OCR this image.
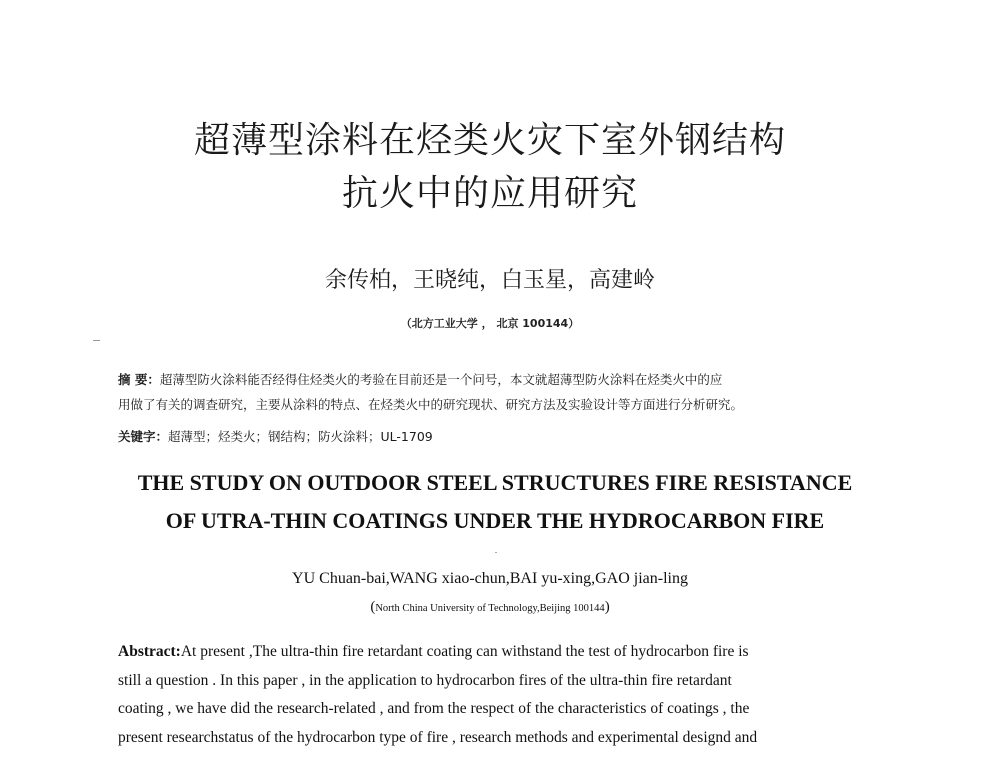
超薄型涂料在烃类火灾下室外钢结构
抗火中的应用研究
余传柏，王晓纯，白玉星，高建岭
（北方工业大学 ， 北京 100144）
摘 要：超薄型防火涂料能否经得住烃类火的考验在目前还是一个问号，本文就超薄型防火涂料在烃类火中的应
用做了有关的调查研究，主要从涂料的特点、在烃类火中的研究现状、研究方法及实验设计等方面进行分析研究。
关键字：超薄型；烃类火；钢结构；防火涂料；UL-1709
THE STUDY ON OUTDOOR STEEL STRUCTURES FIRE RESISTANCE
OF UTRA-THIN COATINGS UNDER THE HYDROCARBON FIRE
YU Chuan-bai,WANG xiao-chun,BAI yu-xing,GAO jian-ling
(North China University of Technology,Beijing 100144)
Abstract:At present ,The ultra-thin fire retardant coating can withstand the test of hydrocarbon fire is
still a question . In this paper , in the application to hydrocarbon fires of the ultra-thin fire retardant
coating , we have did the research-related , and from the respect of the characteristics of coatings , the
present researchstatus of the hydrocarbon type of fire , research methods and experimental designd and
